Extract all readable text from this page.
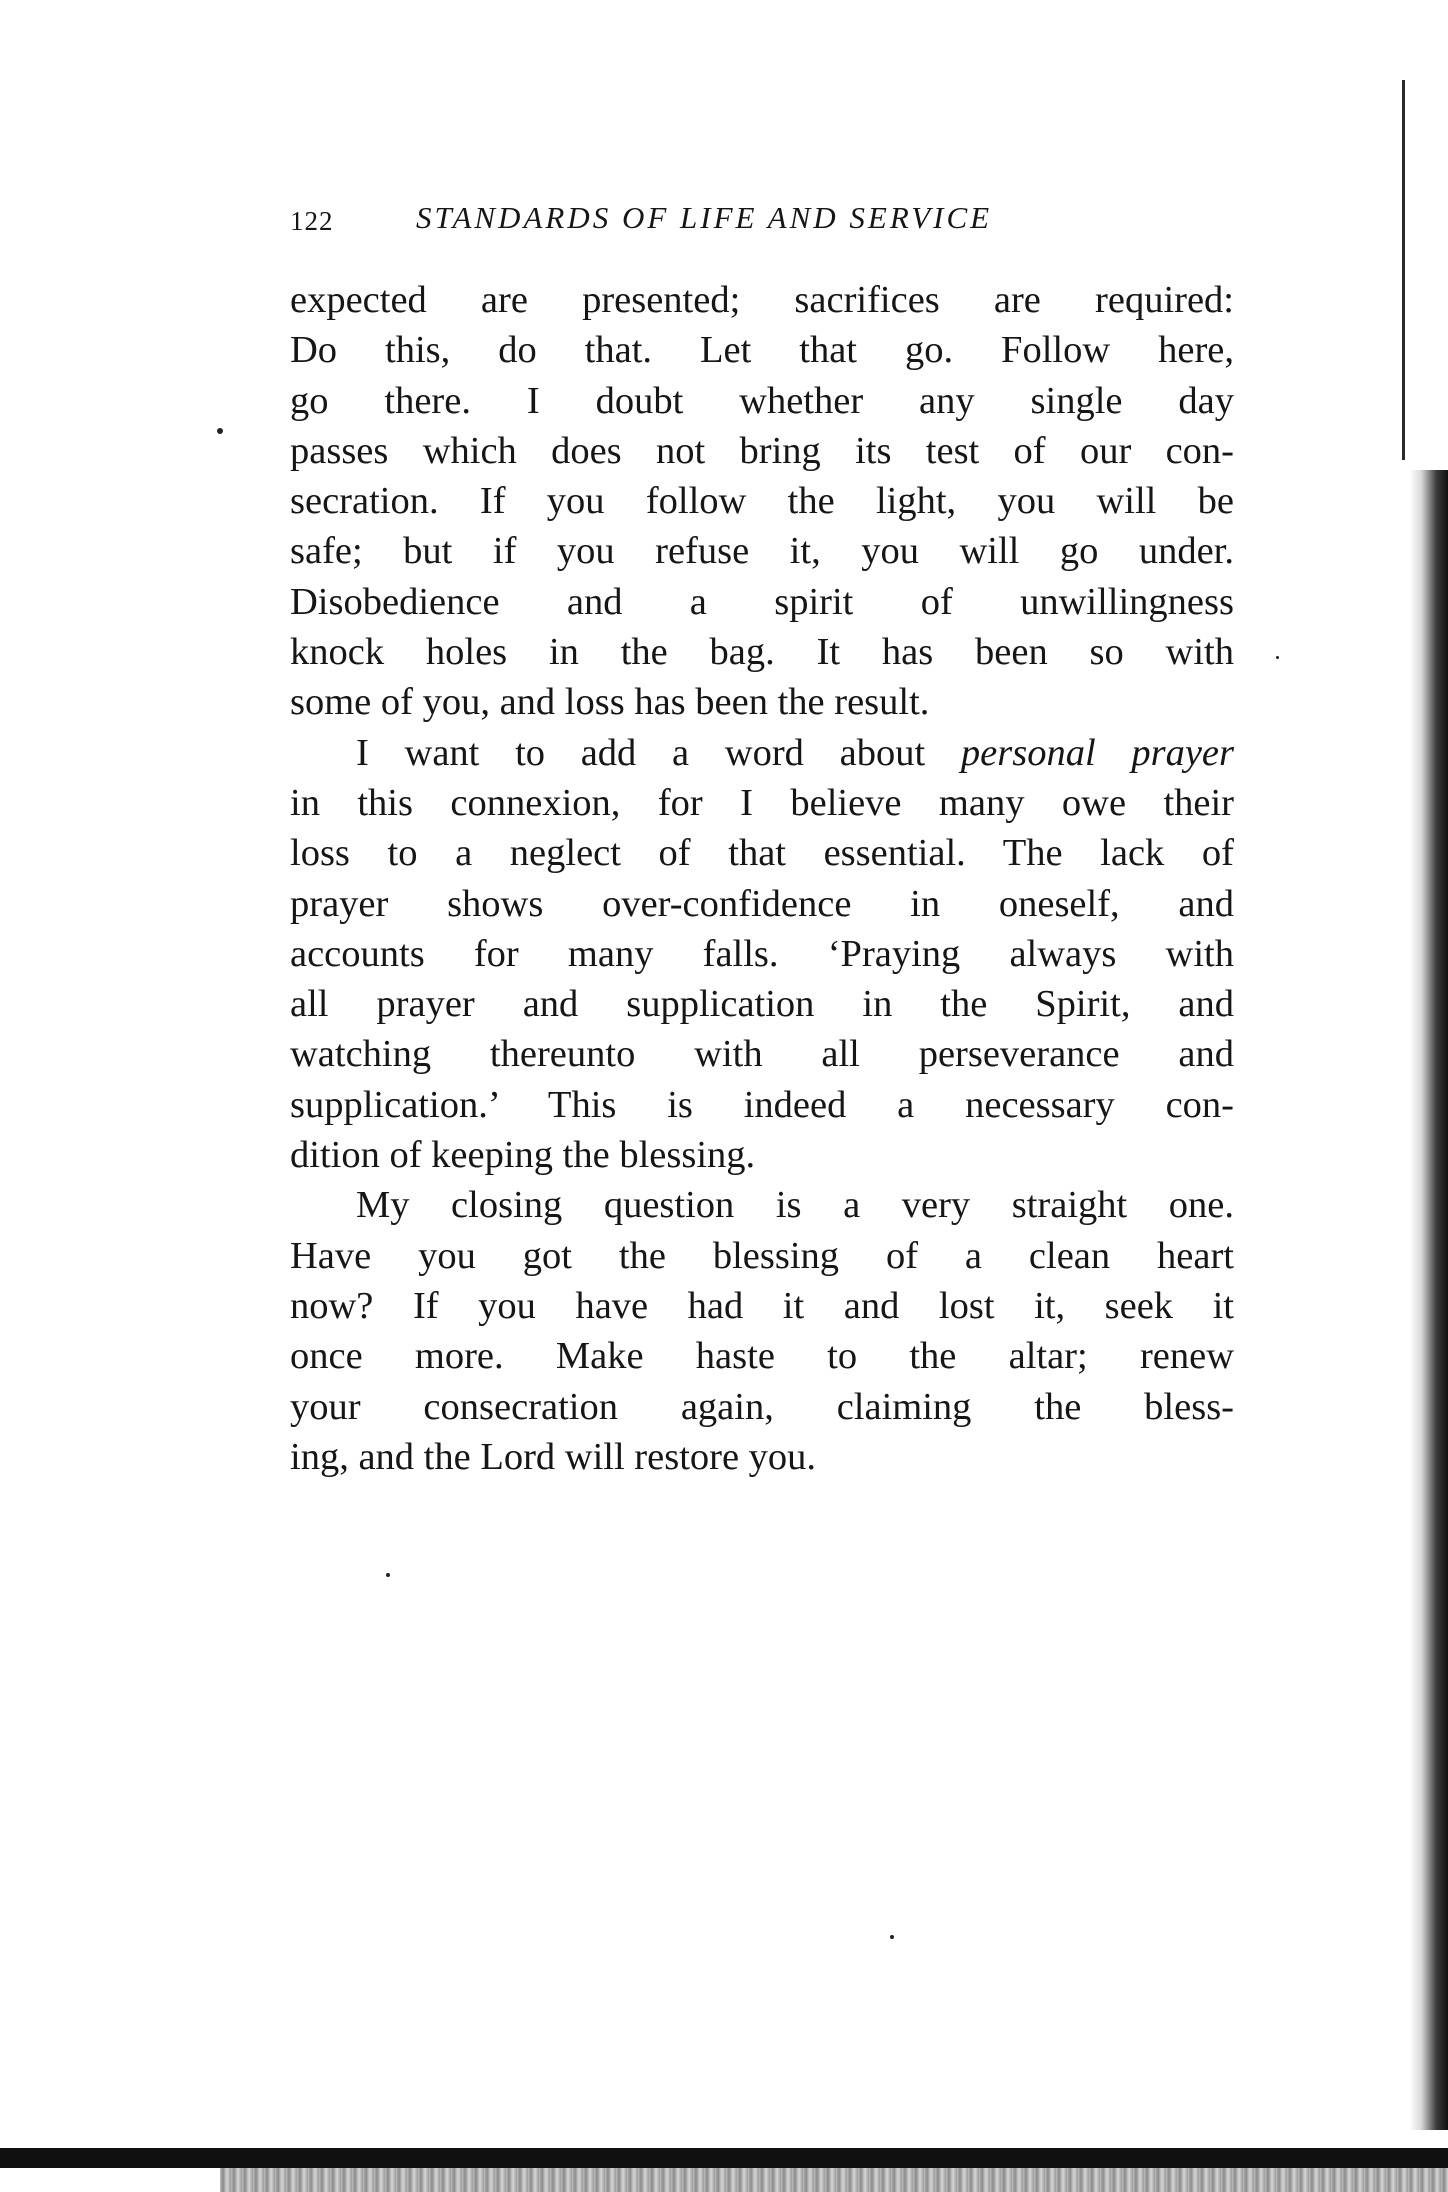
122	STANDARDS OF LIFE AND SERVICE
expected are presented; sacrifices are required:
Do this, do that. Let that go. Follow here,
go there. I doubt whether any single day
passes which does not bring its test of our con-
secration. If you follow the light, you will be
safe; but if you refuse it, you will go under.
Disobedience and a spirit of unwillingness
knock holes in the bag. It has been so with
some of you, and loss has been the result.
I want to add a word about personal prayer
in this connexion, for I believe many owe their
loss to a neglect of that essential. The lack of
prayer shows over-confidence in oneself, and
accounts for many falls. ‘Praying always with
all prayer and supplication in the Spirit, and
watching thereunto with all perseverance and
supplication.’ This is indeed a necessary con-
dition of keeping the blessing.
My closing question is a very straight one.
Have you got the blessing of a clean heart
now? If you have had it and lost it, seek it
once more. Make haste to the altar; renew
your consecration again, claiming the bless-
ing, and the Lord will restore you.
